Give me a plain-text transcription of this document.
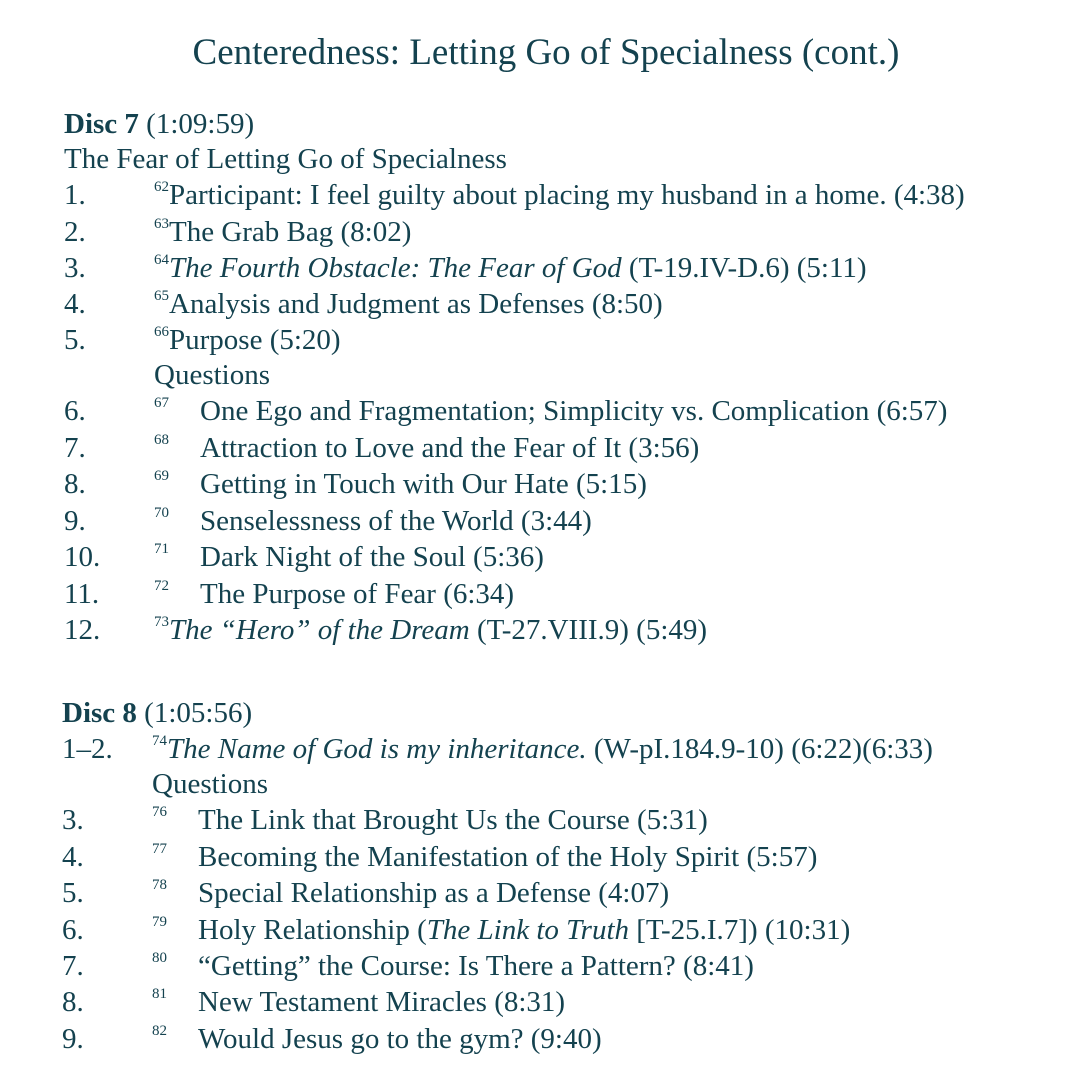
Centeredness: Letting Go of Specialness (cont.)
Disc 7 (1:09:59)
The Fear of Letting Go of Specialness
1.	$^{62}$Participant: I feel guilty about placing my husband in a home. (4:38)
2.	$^{63}$The Grab Bag (8:02)
3.	$^{64}$The Fourth Obstacle: The Fear of God (T-19.IV-D.6) (5:11)
4.	$^{65}$Analysis and Judgment as Defenses (8:50)
5.	$^{66}$Purpose (5:20)
Questions
6.	67 One Ego and Fragmentation; Simplicity vs. Complication (6:57)
7.	68 Attraction to Love and the Fear of It (3:56)
8.	69 Getting in Touch with Our Hate (5:15)
9.	70 Senselessness of the World (3:44)
10.	71 Dark Night of the Soul (5:36)
11.	72 The Purpose of Fear (6:34)
12.	$^{73}$The “Hero” of the Dream (T-27.VIII.9) (5:49)
Disc 8 (1:05:56)
1–2.	$^{74}$The Name of God is my inheritance. (W-pI.184.9-10) (6:22)(6:33)
Questions
3.	76 The Link that Brought Us the Course (5:31)
4.	77 Becoming the Manifestation of the Holy Spirit (5:57)
5.	78 Special Relationship as a Defense (4:07)
6.	79 Holy Relationship (The Link to Truth [T-25.I.7]) (10:31)
7.	80 “Getting” the Course: Is There a Pattern? (8:41)
8.	81 New Testament Miracles (8:31)
9.	82 Would Jesus go to the gym? (9:40)
